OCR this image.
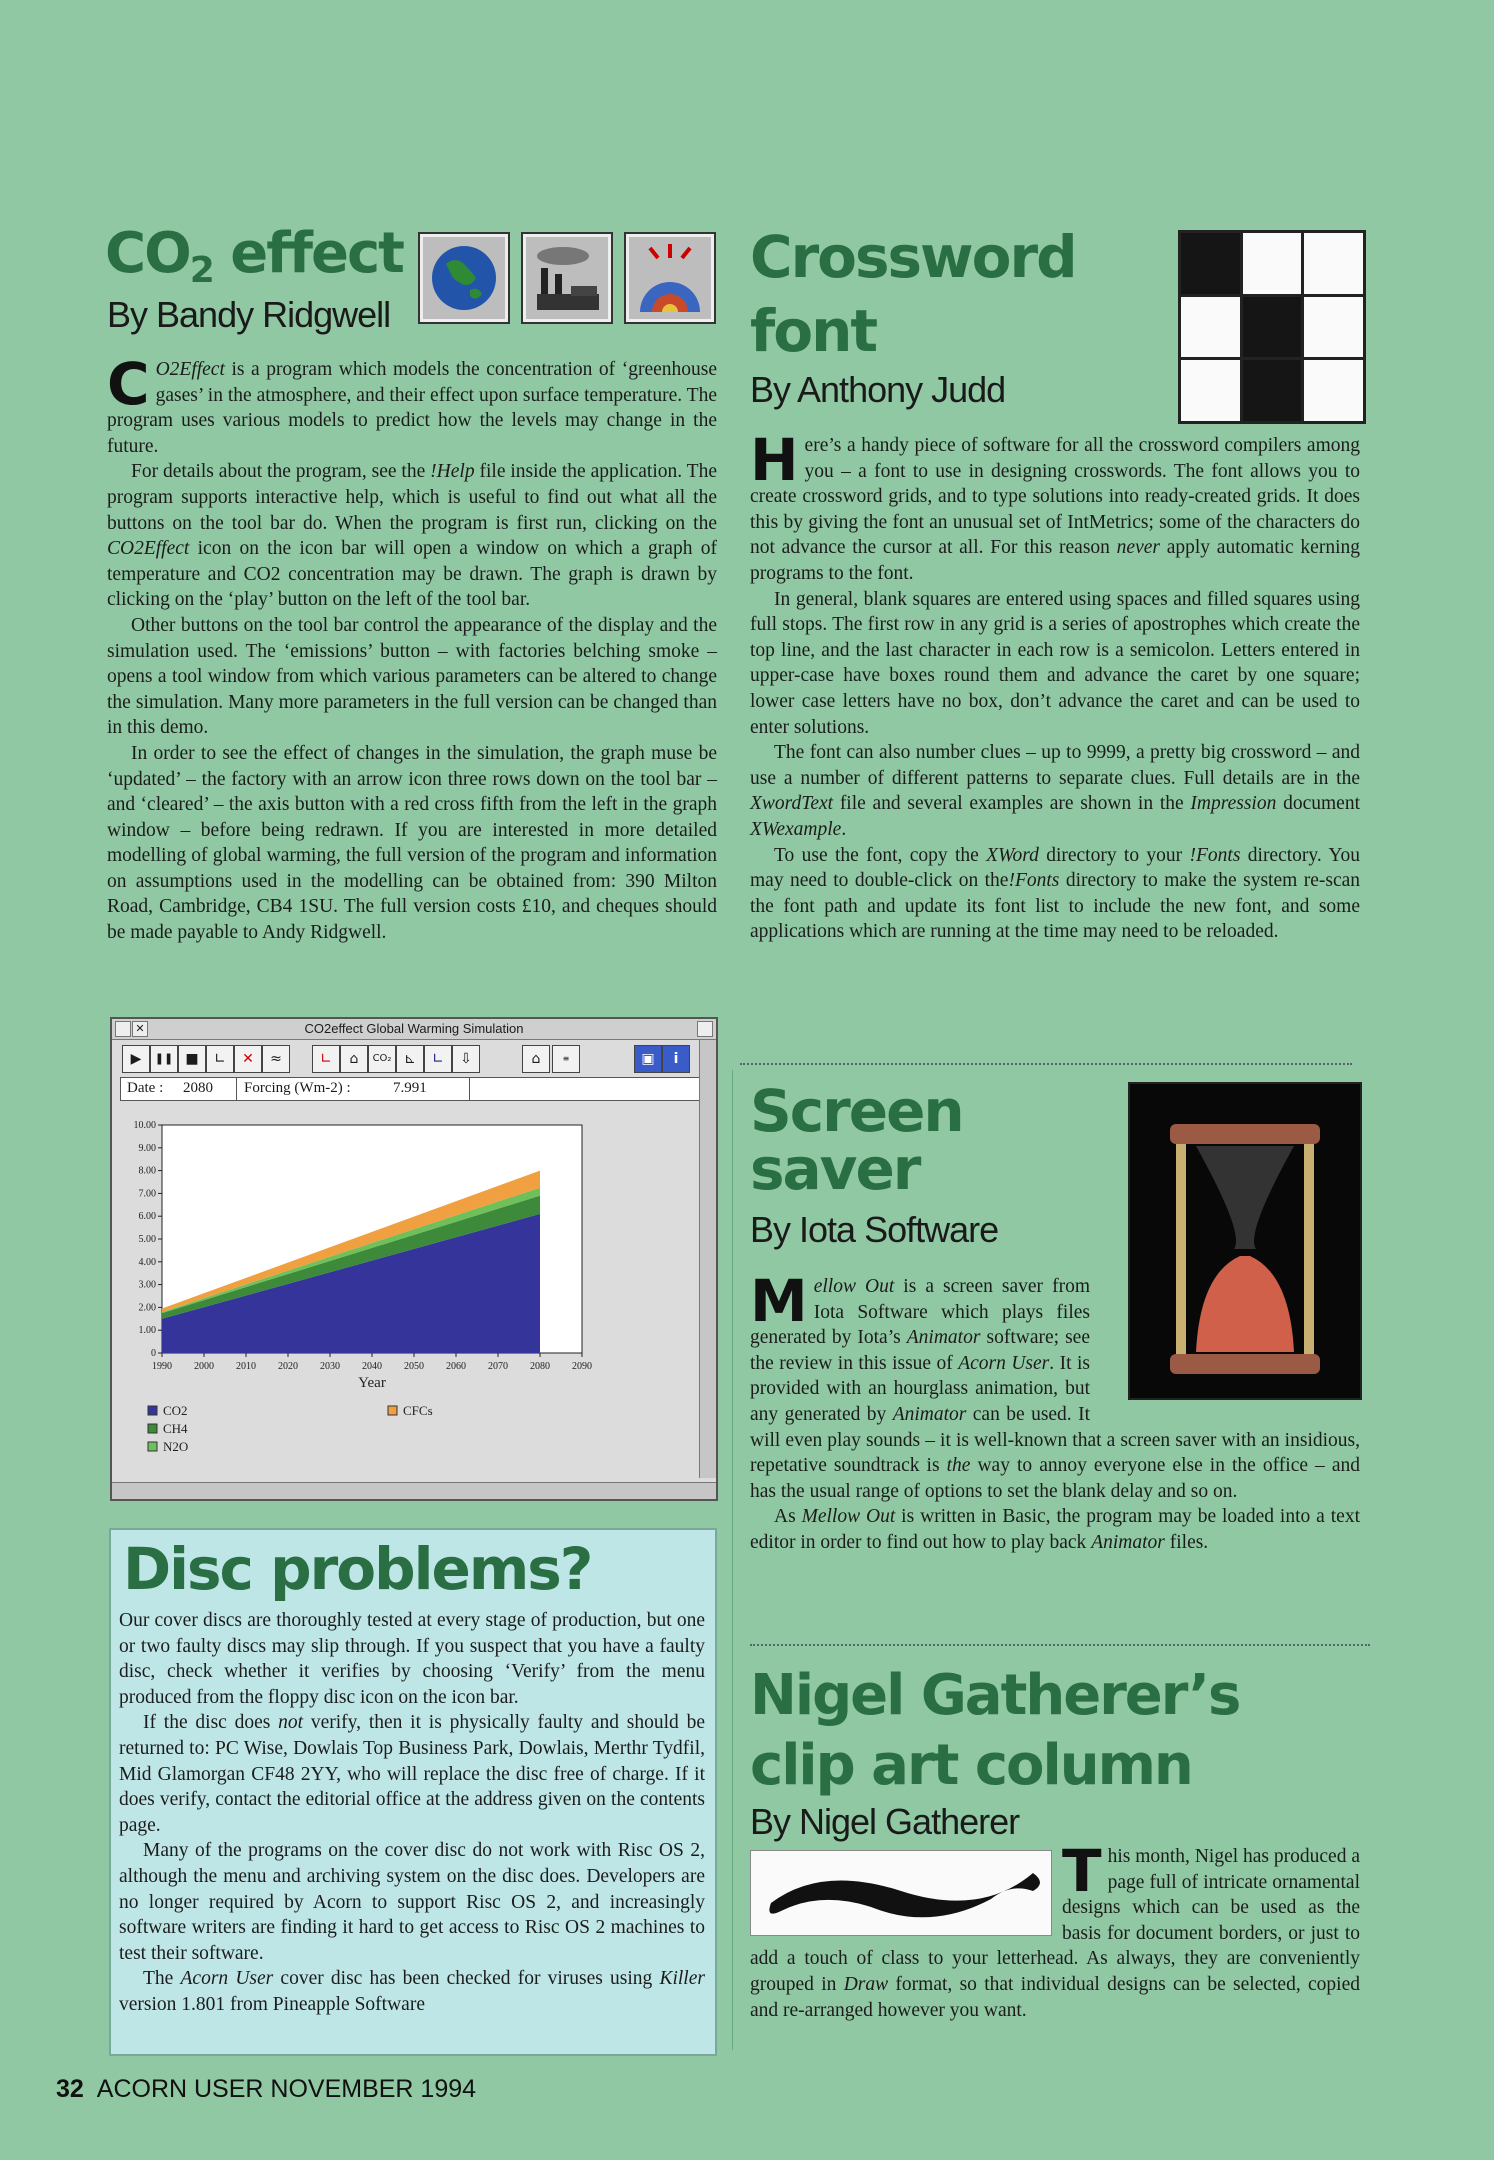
$CO_2$ effect
By Bandy Ridgwell
C O2Effect is a program which models the concentration of ‘greenhouse gases’ in the atmosphere, and their effect upon surface temperature. The program uses various models to predict how the levels may change in the future.

For details about the program, see the !Help file inside the application. The program supports interactive help, which is useful to find out what all the buttons on the tool bar do. When the program is first run, clicking on the CO2Effect icon on the icon bar will open a window on which a graph of temperature and CO2 concentration may be drawn. The graph is drawn by clicking on the ‘play’ button on the left of the tool bar.

Other buttons on the tool bar control the appearance of the display and the simulation used. The ‘emissions’ button – with factories belching smoke – opens a tool window from which various parameters can be altered to change the simulation. Many more parameters in the full version can be changed than in this demo.

In order to see the effect of changes in the simulation, the graph muse be ‘updated’ – the factory with an arrow icon three rows down on the tool bar – and ‘cleared’ – the axis button with a red cross fifth from the left in the graph window – before being redrawn. If you are interested in more detailed modelling of global warming, the full version of the program and information on assumptions used in the modelling can be obtained from: 390 Milton Road, Cambridge, CB4 1SU. The full version costs £10, and cheques should be made payable to Andy Ridgwell.

✕	CO2effect Global Warming Simulation
▶	❚❚ ■	∟	✕	≈	∟	⌂	CO₂ ⊾	∟	⇩	⌂	≡	▣	i
Date : 2080 Forcing (Wm-2) :	7.991
0
1.00
2.00
3.00
4.00
5.00
6.00
7.00
8.00
9.00
10.00
1990 2000 2010 2020 2030 2040 2050 2060 2070 2080 2090
Year
CO2
CH4
N2O
CFCs
Disc problems?

Our cover discs are thoroughly tested at every stage of production, but one or two faulty discs may slip through. If you suspect that you have a faulty disc, check whether it verifies by choosing ‘Verify’ from the menu produced from the floppy disc icon on the icon bar.

If the disc does not verify, then it is physically faulty and should be returned to: PC Wise, Dowlais Top Business Park, Dowlais, Merthr Tydfil, Mid Glamorgan CF48 2YY, who will replace the disc free of charge. If it does verify, contact the editorial office at the address given on the contents page.

Many of the programs on the cover disc do not work with Risc OS 2, although the menu and archiving system on the disc does. Developers are no longer required by Acorn to support Risc OS 2, and increasingly software writers are finding it hard to get access to Risc OS 2 machines to test their software.

The Acorn User cover disc has been checked for viruses using Killer version 1.801 from Pineapple Software

Crossword
font
By Anthony Judd
H ere’s a handy piece of software for all the crossword compilers among you – a font to use in designing crosswords. The font allows you to create crossword grids, and to type solutions into ready-created grids. It does this by giving the font an unusual set of IntMetrics; some of the characters do not advance the cursor at all. For this reason never apply automatic kerning programs to the font.

In general, blank squares are entered using spaces and filled squares using full stops. The first row in any grid is a series of apostrophes which create the top line, and the last character in each row is a semicolon. Letters entered in upper-case have boxes round them and advance the caret by one square; lower case letters have no box, don’t advance the caret and can be used to enter solutions.

The font can also number clues – up to 9999, a pretty big crossword – and use a number of different patterns to separate clues. Full details are in the XwordText file and several examples are shown in the Impression document XWexample.

To use the font, copy the XWord directory to your !Fonts directory. You may need to double-click on the!Fonts directory to make the system re-scan the font path and update its font list to include the new font, and some applications which are running at the time may need to be reloaded.

Screen
saver
By Iota Software
M ellow Out is a screen saver from Iota Software which plays files generated by Iota’s Animator software; see the review in this issue of Acorn User. It is provided with an hourglass animation, but any generated by Animator can be used. It will even play sounds – it is well-known that a screen saver with an insidious, repetative soundtrack is the way to annoy everyone else in the office – and has the usual range of options to set the blank delay and so on.

As Mellow Out is written in Basic, the program may be loaded into a text editor in order to find out how to play back Animator files.

Nigel Gatherer’s
clip art column
By Nigel Gatherer
T his month, Nigel has produced a page full of intricate ornamental designs which can be used as the basis for document borders, or just to add a touch of class to your letterhead. As always, they are conveniently grouped in Draw format, so that individual designs can be selected, copied and re-arranged however you want.

32 ACORN USER NOVEMBER 1994
